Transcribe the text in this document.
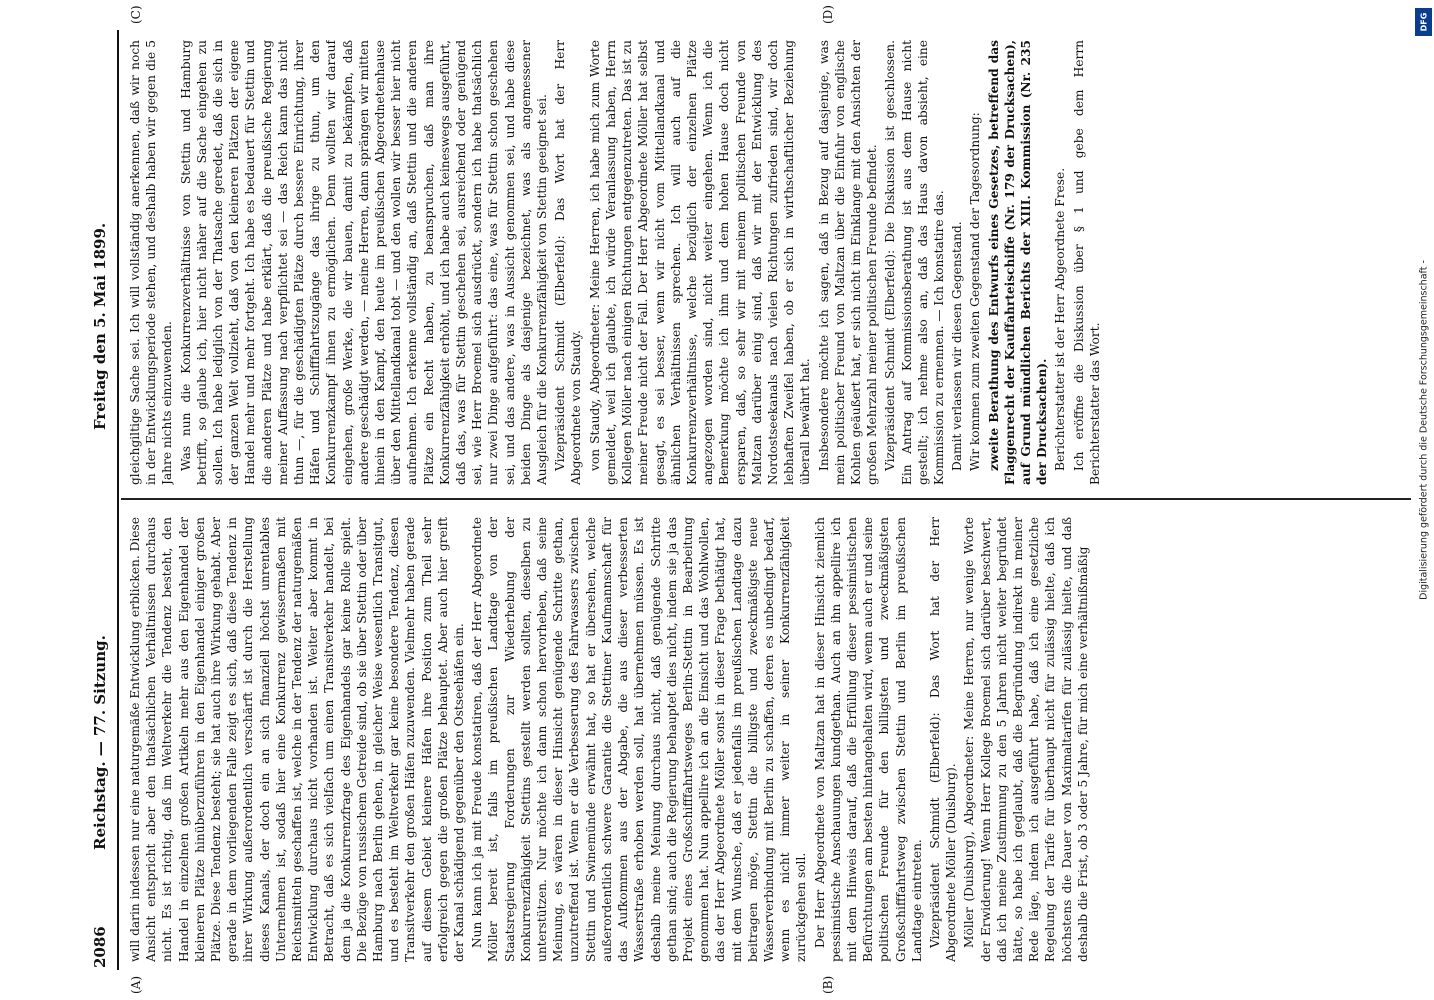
2086
Reichstag. — 77. Sitzung.
Freitag den 5. Mai 1899.
(A)	(B)
(C)	(D)

will darin indessen nur eine naturgemäße Entwicklung erblicken. Diese Ansicht entspricht aber den thatsächlichen Verhältnissen durchaus nicht. Es ist richtig, daß im Weltverkehr die Tendenz besteht, den Handel in einzelnen großen Artikeln mehr aus den Eigenhandel der kleineren Plätze hinüberzuführen in den Eigenhandel einiger großen Plätze. Diese Tendenz besteht; sie hat auch ihre Wirkung gehabt. Aber gerade in dem vorliegenden Falle zeigt es sich, daß diese Tendenz in ihrer Wirkung außerordentlich verschärft ist durch die Herstellung dieses Kanals, der doch ein an sich finanziell höchst unrentables Unternehmen ist, sodaß hier eine Konkurrenz gewissermaßen mit Reichsmitteln geschaffen ist, welche in der Tendenz der naturgemäßen Entwicklung durchaus nicht vorhanden ist. Weiter aber kommt in Betracht, daß es sich vielfach um einen Transitverkehr handelt, bei dem ja die Konkurrenzfrage des Eigenhandels gar keine Rolle spielt. Die Bezüge von russischem Getreide sind, ob sie über Stettin oder über Hamburg nach Berlin gehen, in gleicher Weise wesentlich Transitgut, und es besteht im Weltverkehr gar keine besondere Tendenz, diesen Transitverkehr den großen Häfen zuzuwenden. Vielmehr haben gerade auf diesem Gebiet kleinere Häfen ihre Position zum Theil sehr erfolgreich gegen die großen Plätze behauptet. Aber auch hier greift der Kanal schädigend gegenüber den Ostseehäfen ein. Nun kann ich ja mit Freude konstatiren, daß der Herr Abgeordnete Möller bereit ist, falls im preußischen Landtage von der Staatsregierung Forderungen zur Wiederhebung der Konkurrenzfähigkeit Stettins gestellt werden sollten, dieselben zu unterstützen. Nur möchte ich dann schon hervorheben, daß seine Meinung, es wären in dieser Hinsicht genügende Schritte gethan, unzutreffend ist. Wenn er die Verbesserung des Fahrwassers zwischen Stettin und Swinemünde erwähnt hat, so hat er übersehen, welche außerordentlich schwere Garantie die Stettiner Kaufmannschaft für das Aufkommen aus der Abgabe, die aus dieser verbesserten Wasserstraße erhoben werden soll, hat übernehmen müssen. Es ist deshalb meine Meinung durchaus nicht, daß genügende Schritte gethan sind; auch die Regierung behauptet dies nicht, indem sie ja das Projekt eines Großschifffahrtsweges Berlin-Stettin in Bearbeitung genommen hat. Nun appellire ich an die Einsicht und das Wohlwollen, das der Herr Abgeordnete Möller sonst in dieser Frage bethätigt hat, mit dem Wunsche, daß er jedenfalls im preußischen Landtage dazu beitragen möge, Stettin die billigste und zweckmäßigste neue Wasserverbindung mit Berlin zu schaffen, deren es unbedingt bedarf, wenn es nicht immer weiter in seiner Konkurrenzfähigkeit zurückgehen soll. Der Herr Abgeordnete von Maltzan hat in dieser Hinsicht ziemlich pessimistische Anschauungen kundgethan. Auch an ihn appellire ich mit dem Hinweis darauf, daß die Erfüllung dieser pessimistischen Befürchtungen am besten hintangehalten wird, wenn auch er und seine politischen Freunde für den billigsten und zweckmäßigsten Großschifffahrtsweg zwischen Stettin und Berlin im preußischen Landtage eintreten. Vizepräsident Schmidt (Elberfeld): Das Wort hat der Herr Abgeordnete Möller (Duisburg). Möller (Duisburg), Abgeordneter: Meine Herren, nur wenige Worte der Erwiderung! Wenn Herr Kollege Broemel sich darüber beschwert, daß ich meine Zustimmung zu den 5 Jahren nicht weiter begründet hätte, so habe ich geglaubt, daß die Begründung indirekt in meiner Rede läge, indem ich ausgeführt habe, daß ich eine gesetzliche Regelung der Tarife für überhaupt nicht für zulässig hielte, daß ich höchstens die Dauer von Maximaltarifen für zulässig hielte, und daß deshalb die Frist, ob 3 oder 5 Jahre, für mich eine verhältnißmäßig

gleichgiltige Sache sei. Ich will vollständig anerkennen, daß wir noch in der Entwicklungsperiode stehen, und deshalb haben wir gegen die 5 Jahre nichts einzuwenden. Was nun die Konkurrenzverhältnisse von Stettin und Hamburg betrifft, so glaube ich, hier nicht näher auf die Sache eingehen zu sollen. Ich habe lediglich von der Thatsache geredet, daß die sich in der ganzen Welt vollzieht, daß von den kleineren Plätzen der eigene Handel mehr und mehr fortgeht. Ich habe es bedauert für Stettin und die anderen Plätze und habe erklärt, daß die preußische Regierung meiner Auffassung nach verpflichtet sei — das Reich kann das nicht thun —, für die geschädigten Plätze durch bessere Einrichtung, ihrer Häfen und Schifffahrtszugänge das ihrige zu thun, um den Konkurrenzkampf ihnen zu ermöglichen. Denn wollten wir darauf eingehen, große Werke, die wir bauen, damit zu bekämpfen, daß andere geschädigt werden, — meine Herren, dann sprängen wir mitten hinein in den Kampf, den heute im preußischen Abgeordnetenhause über den Mittellandkanal tobt — und den wollen wir besser hier nicht aufnehmen. Ich erkenne vollständig an, daß Stettin und die anderen Plätze ein Recht haben, zu beanspruchen, daß man ihre Konkurrenzfähigkeit erhöht, und ich habe auch keineswegs ausgeführt, daß das, was für Stettin geschehen sei, ausreichend oder genügend sei, wie Herr Broemel sich ausdrückt, sondern ich habe thatsächlich nur zwei Dinge aufgeführt: das eine, was für Stettin schon geschehen sei, und das andere, was in Aussicht genommen sei, und habe diese beiden Dinge als dasjenige bezeichnet, was als angemessener Ausgleich für die Konkurrenzfähigkeit von Stettin geeignet sei. Vizepräsident Schmidt (Elberfeld): Das Wort hat der Herr Abgeordnete von Staudy. von Staudy, Abgeordneter: Meine Herren, ich habe mich zum Worte gemeldet, weil ich glaubte, ich würde Veranlassung haben, Herrn Kollegen Möller nach einigen Richtungen entgegenzutreten. Das ist zu meiner Freude nicht der Fall. Der Herr Abgeordnete Möller hat selbst gesagt, es sei besser, wenn wir nicht vom Mittellandkanal und ähnlichen Verhältnissen sprechen. Ich will auch auf die Konkurrenzverhältnisse, welche bezüglich der einzelnen Plätze angezogen worden sind, nicht weiter eingehen. Wenn ich die Bemerkung möchte ich ihm und dem hohen Hause doch nicht ersparen, daß, so sehr wir mit meinem politischen Freunde von Maltzan darüber einig sind, daß wir mit der Entwicklung des Nordostseekanals nach vielen Richtungen zufrieden sind, wir doch lebhaften Zweifel haben, ob er sich in wirthschaftlicher Beziehung überall bewährt hat. Insbesondere möchte ich sagen, daß in Bezug auf dasjenige, was mein politischer Freund von Maltzan über die Einfuhr von englische Kohlen geäußert hat, er sich nicht im Einklange mit den Ansichten der großen Mehrzahl meiner politischen Freunde befindet. Vizepräsident Schmidt (Elberfeld): Die Diskussion ist geschlossen. Ein Antrag auf Kommissionsberathung ist aus dem Hause nicht gestellt; ich nehme also an, daß das Haus davon absieht, eine Kommission zu ernennen. — Ich konstatire das. Damit verlassen wir diesen Gegenstand. Wir kommen zum zweiten Gegenstand der Tagesordnung: zweite Berathung des Entwurfs eines Gesetzes, betreffend das Flaggenrecht der Kauffahrteischiffe (Nr. 179 der Drucksachen), auf Grund mündlichen Berichts der XIII. Kommission (Nr. 235 der Drucksachen). Berichterstatter ist der Herr Abgeordnete Frese. Ich eröffne die Diskussion über § 1 und gebe dem Herrn Berichterstatter das Wort.

DFG
Digitalisierung gefördert durch die Deutsche Forschungsgemeinschaft -
